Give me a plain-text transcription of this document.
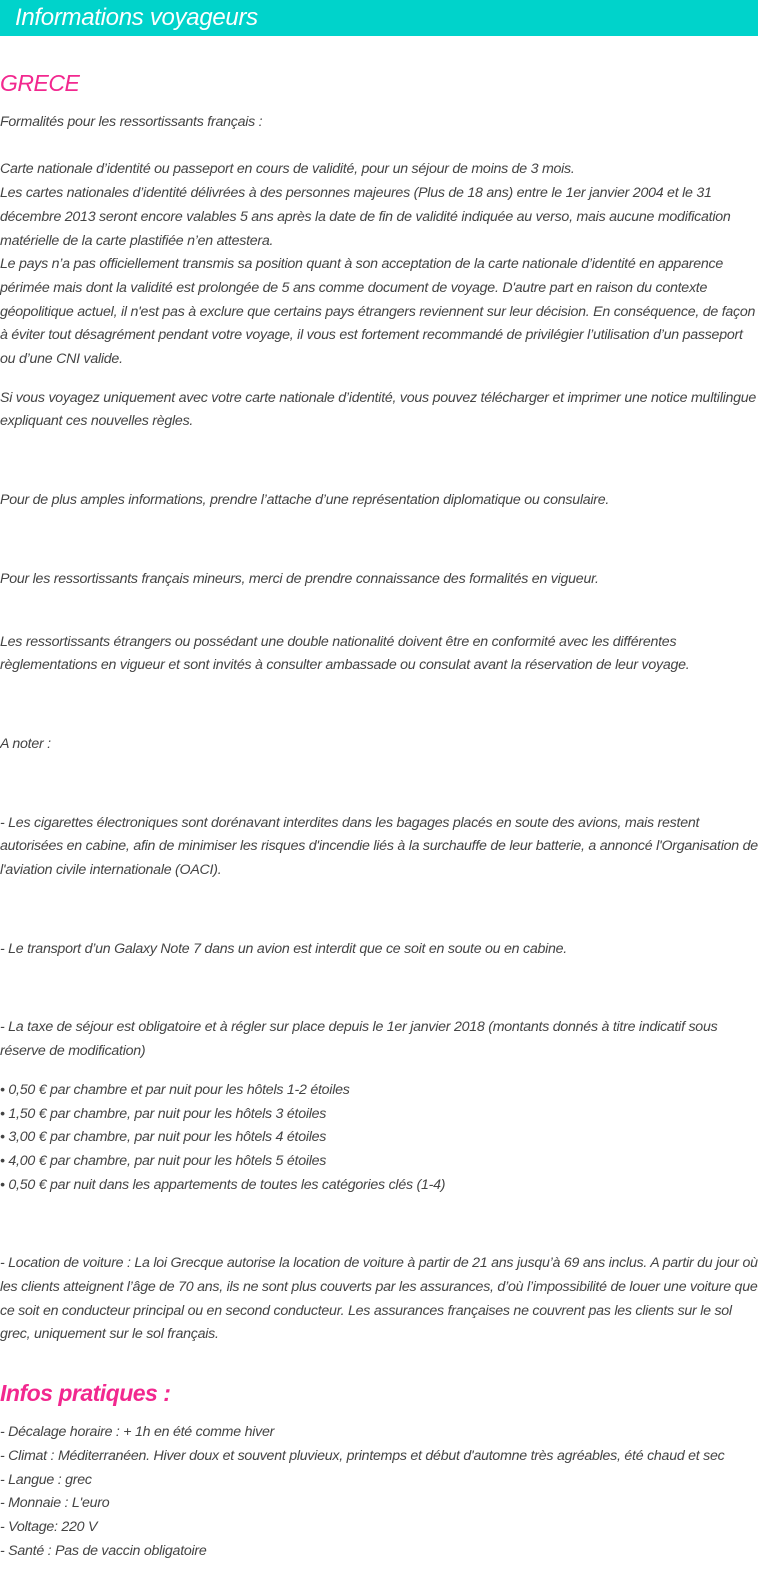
Informations voyageurs
GRECE

Formalités pour les ressortissants français :

Carte nationale d’identité ou passeport en cours de validité, pour un séjour de moins de 3 mois.

Les cartes nationales d’identité délivrées à des personnes majeures (Plus de 18 ans) entre le 1er janvier 2004 et le 31 décembre 2013 seront encore valables 5 ans après la date de fin de validité indiquée au verso, mais aucune modification matérielle de la carte plastifiée n’en attestera.

Le pays n’a pas officiellement transmis sa position quant à son acceptation de la carte nationale d’identité en apparence périmée mais dont la validité est prolongée de 5 ans comme document de voyage. D'autre part en raison du contexte géopolitique actuel, il n'est pas à exclure que certains pays étrangers reviennent sur leur décision. En conséquence, de façon à éviter tout désagrément pendant votre voyage, il vous est fortement recommandé de privilégier l’utilisation d’un passeport ou d’une CNI valide.

Si vous voyagez uniquement avec votre carte nationale d’identité, vous pouvez télécharger et imprimer une notice multilingue expliquant ces nouvelles règles.

Pour de plus amples informations, prendre l’attache d’une représentation diplomatique ou consulaire.

Pour les ressortissants français mineurs, merci de prendre connaissance des formalités en vigueur.

Les ressortissants étrangers ou possédant une double nationalité doivent être en conformité avec les différentes règlementations en vigueur et sont invités à consulter ambassade ou consulat avant la réservation de leur voyage.

A noter :

- Les cigarettes électroniques sont dorénavant interdites dans les bagages placés en soute des avions, mais restent autorisées en cabine, afin de minimiser les risques d'incendie liés à la surchauffe de leur batterie, a annoncé l'Organisation de l'aviation civile internationale (OACI).

- Le transport d’un Galaxy Note 7 dans un avion est interdit que ce soit en soute ou en cabine.

- La taxe de séjour est obligatoire et à régler sur place depuis le 1er janvier 2018 (montants donnés à titre indicatif sous réserve de modification)

• 0,50 € par chambre et par nuit pour les hôtels 1-2 étoiles

• 1,50 € par chambre, par nuit pour les hôtels 3 étoiles

• 3,00 € par chambre, par nuit pour les hôtels 4 étoiles

• 4,00 € par chambre, par nuit pour les hôtels 5 étoiles

• 0,50 € par nuit dans les appartements de toutes les catégories clés (1-4)

- Location de voiture : La loi Grecque autorise la location de voiture à partir de 21 ans jusqu’à 69 ans inclus. A partir du jour où les clients atteignent l’âge de 70 ans, ils ne sont plus couverts par les assurances, d’où l’impossibilité de louer une voiture que ce soit en conducteur principal ou en second conducteur. Les assurances françaises ne couvrent pas les clients sur le sol grec, uniquement sur le sol français.

Infos pratiques :

- Décalage horaire : + 1h en été comme hiver

- Climat : Méditerranéen. Hiver doux et souvent pluvieux, printemps et début d'automne très agréables, été chaud et sec

- Langue : grec

- Monnaie : L'euro

- Voltage: 220 V

- Santé : Pas de vaccin obligatoire
